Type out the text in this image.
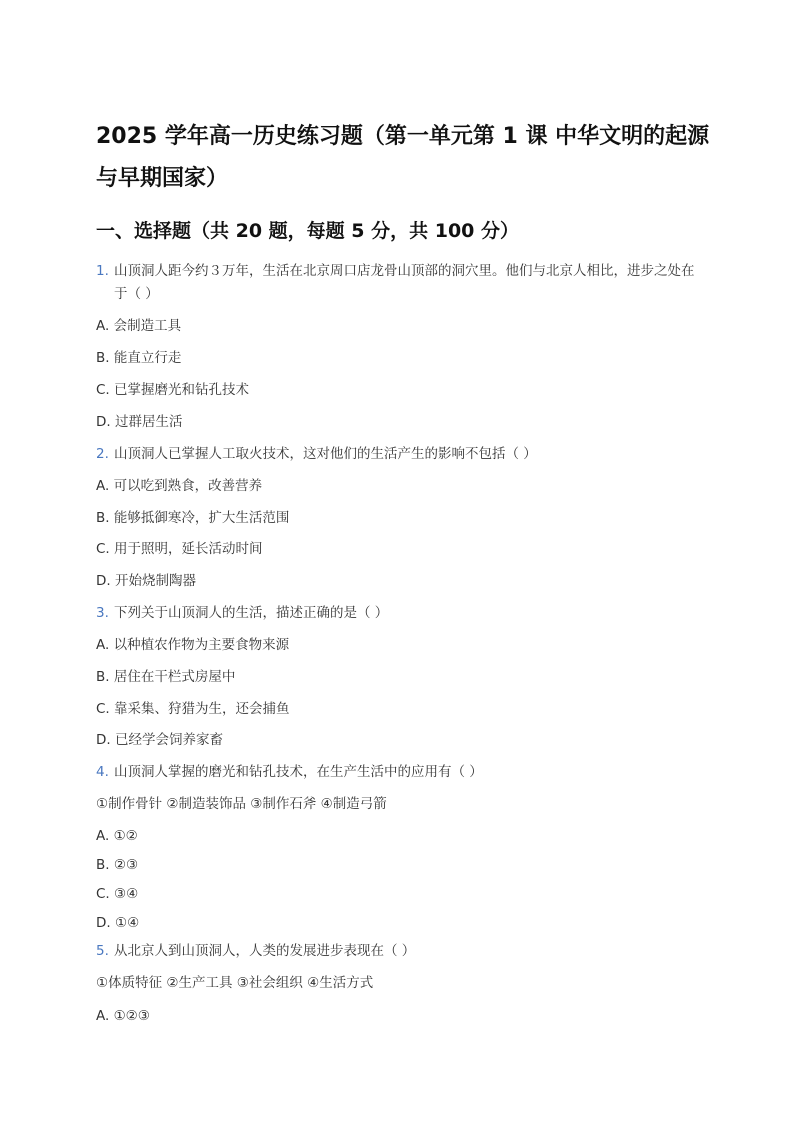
2025 学年高一历史练习题（第一单元第 1 课 中华文明的起源与早期国家）
一、选择题（共 20 题，每题 5 分，共 100 分）
1. 山顶洞人距今约３万年，生活在北京周口店龙骨山顶部的洞穴里。他们与北京人相比，进步之处在于（ ）
A. 会制造工具
B. 能直立行走
C. 已掌握磨光和钻孔技术
D. 过群居生活
2. 山顶洞人已掌握人工取火技术，这对他们的生活产生的影响不包括（ ）
A. 可以吃到熟食，改善营养
B. 能够抵御寒冷，扩大生活范围
C. 用于照明，延长活动时间
D. 开始烧制陶器
3. 下列关于山顶洞人的生活，描述正确的是（ ）
A. 以种植农作物为主要食物来源
B. 居住在干栏式房屋中
C. 靠采集、狩猎为生，还会捕鱼
D. 已经学会饲养家畜
4. 山顶洞人掌握的磨光和钻孔技术，在生产生活中的应用有（ ）
①制作骨针 ②制造装饰品 ③制作石斧 ④制造弓箭
A. ①②
B. ②③
C. ③④
D. ①④
5. 从北京人到山顶洞人，人类的发展进步表现在（ ）
①体质特征 ②生产工具 ③社会组织 ④生活方式
A. ①②③
